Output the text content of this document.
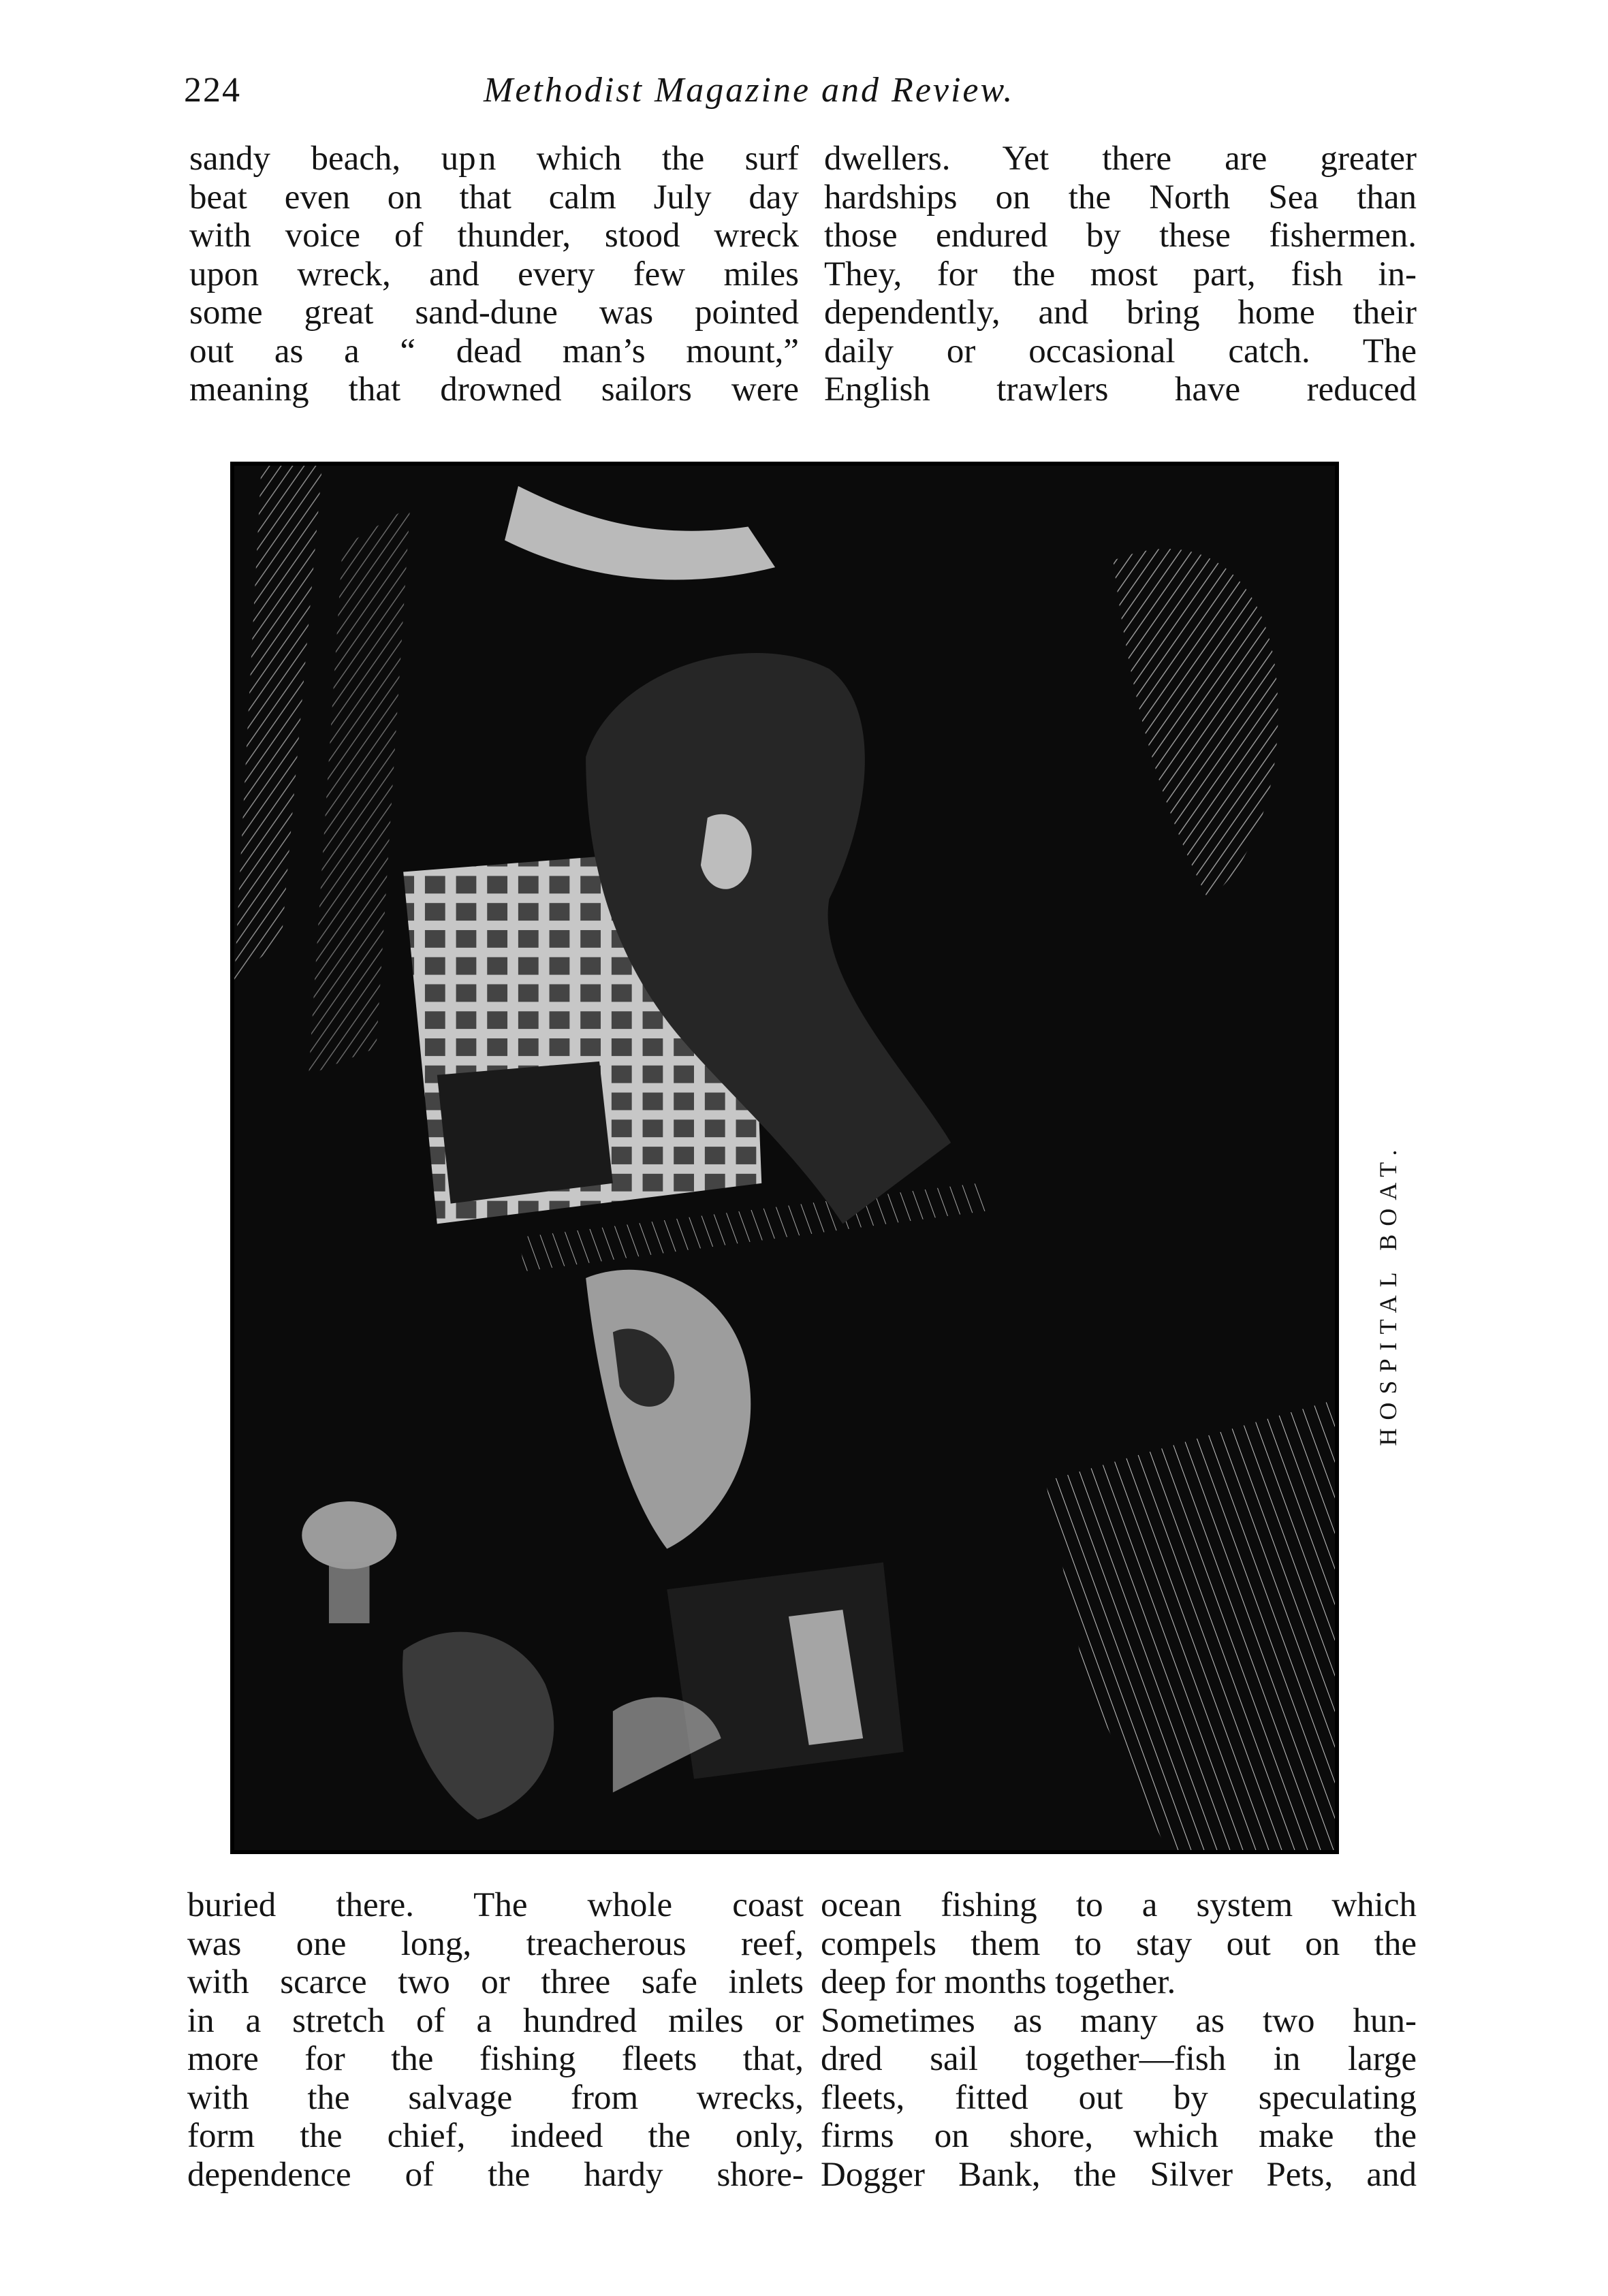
224	Methodist Magazine and Review.

sandy beach, up n which the surf

beat even on that calm July day

with voice of thunder, stood wreck

upon wreck, and every few miles

some great sand-dune was pointed

out as a “ dead man’s mount,”

meaning that drowned sailors were

dwellers. Yet there are greater

hardships on the North Sea than

those endured by these fishermen.

They, for the most part, fish in-

dependently, and bring home their

daily or occasional catch. The

English trawlers have reduced

HOSPITAL BOAT.

buried there. The whole coast

was one long, treacherous reef,

with scarce two or three safe inlets

in a stretch of a hundred miles or

more for the fishing fleets that,

with the salvage from wrecks,

form the chief, indeed the only,

dependence of the hardy shore-

ocean fishing to a system which

compels them to stay out on the

deep for months together.

Sometimes as many as two hun-

dred sail together—fish in large

fleets, fitted out by speculating

firms on shore, which make the

Dogger Bank, the Silver Pets, and
